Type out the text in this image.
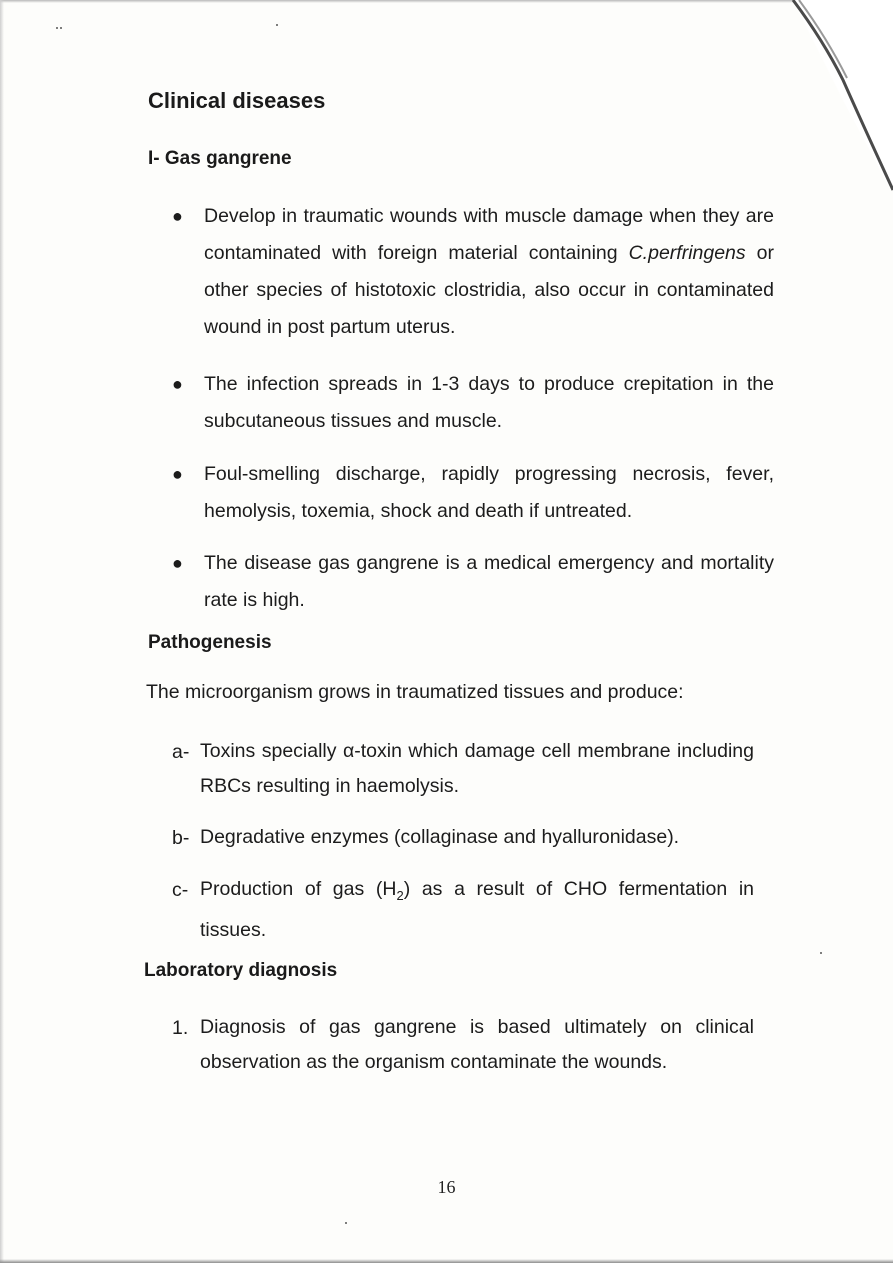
Clinical diseases
I- Gas gangrene
● Develop in traumatic wounds with muscle damage when they are contaminated with foreign material containing C.perfringens or other species of histotoxic clostridia, also occur in contaminated wound in post partum uterus.

● The infection spreads in 1-3 days to produce crepitation in the subcutaneous tissues and muscle.

● Foul-smelling discharge, rapidly progressing necrosis, fever, hemolysis, toxemia, shock and death if untreated.

● The disease gas gangrene is a medical emergency and mortality rate is high.

Pathogenesis

The microorganism grows in traumatized tissues and produce:

a- Toxins specially α-toxin which damage cell membrane including RBCs resulting in haemolysis.

b- Degradative enzymes (collaginase and hyalluronidase).

c- Production of gas $(H_2)$ as a result of CHO fermentation in tissues.

Laboratory diagnosis
1. Diagnosis of gas gangrene is based ultimately on clinical observation as the organism contaminate the wounds.

16
